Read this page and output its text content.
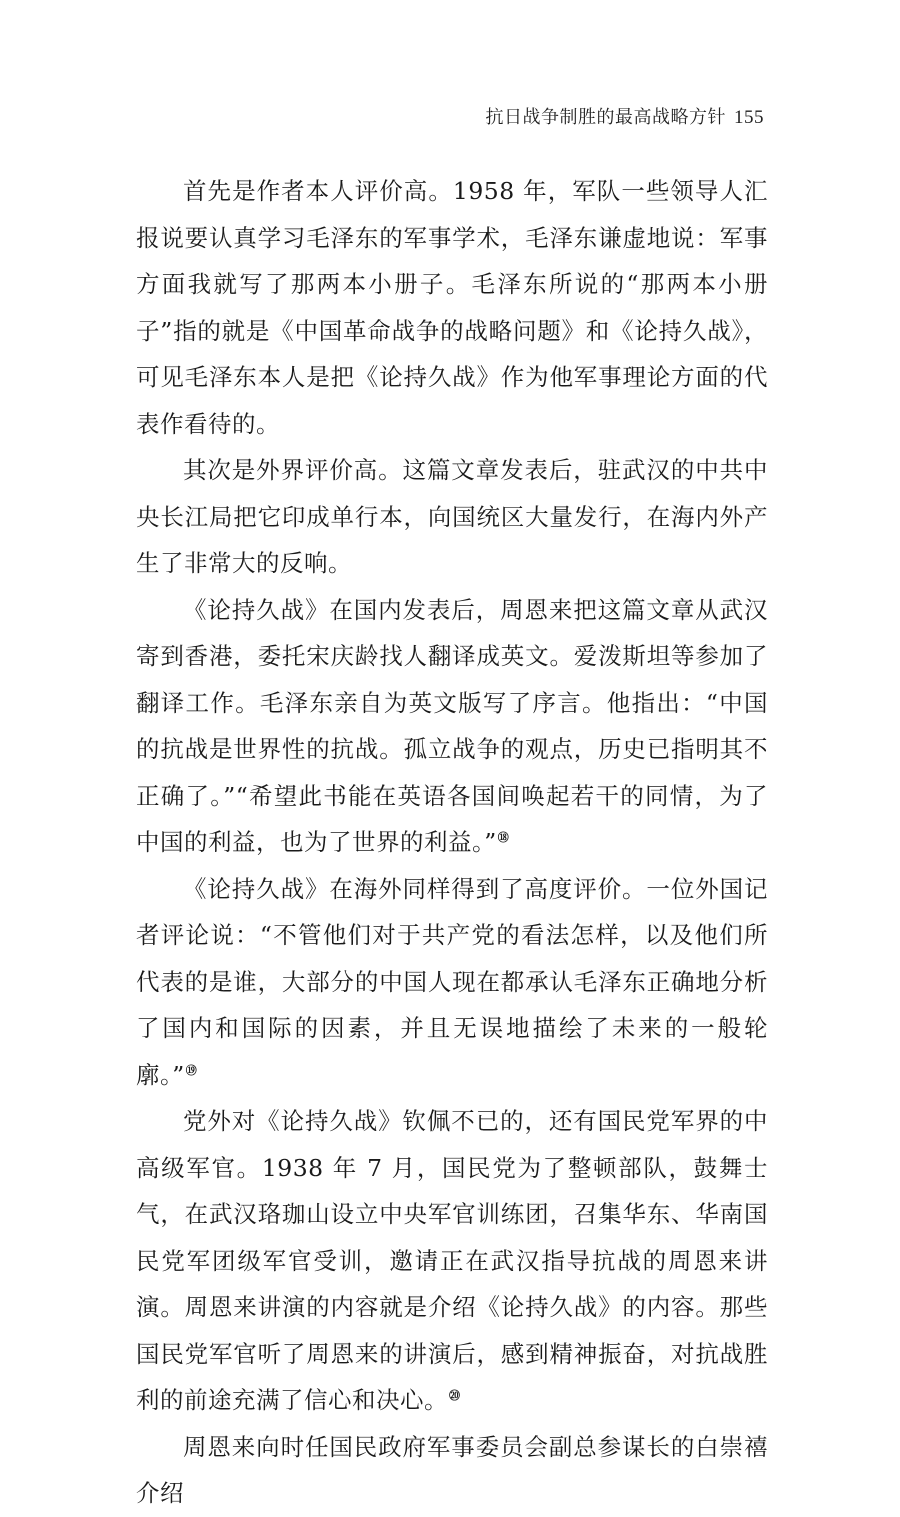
抗日战争制胜的最高战略方针 155

首先是作者本人评价高。1958 年，军队一些领导人汇报说要认真学习毛泽东的军事学术，毛泽东谦虚地说：军事方面我就写了那两本小册子。毛泽东所说的“那两本小册子”指的就是《中国革命战争的战略问题》和《论持久战》，可见毛泽东本人是把《论持久战》作为他军事理论方面的代表作看待的。

其次是外界评价高。这篇文章发表后，驻武汉的中共中央长江局把它印成单行本，向国统区大量发行，在海内外产生了非常大的反响。

《论持久战》在国内发表后，周恩来把这篇文章从武汉寄到香港，委托宋庆龄找人翻译成英文。爱泼斯坦等参加了翻译工作。毛泽东亲自为英文版写了序言。他指出：“中国的抗战是世界性的抗战。孤立战争的观点，历史已指明其不正确了。”“希望此书能在英语各国间唤起若干的同情，为了中国的利益，也为了世界的利益。”⑱

《论持久战》在海外同样得到了高度评价。一位外国记者评论说：“不管他们对于共产党的看法怎样，以及他们所代表的是谁，大部分的中国人现在都承认毛泽东正确地分析了国内和国际的因素，并且无误地描绘了未来的一般轮廓。”⑲

党外对《论持久战》钦佩不已的，还有国民党军界的中高级军官。1938 年 7 月，国民党为了整顿部队，鼓舞士气，在武汉珞珈山设立中央军官训练团，召集华东、华南国民党军团级军官受训，邀请正在武汉指导抗战的周恩来讲演。周恩来讲演的内容就是介绍《论持久战》的内容。那些国民党军官听了周恩来的讲演后，感到精神振奋，对抗战胜利的前途充满了信心和决心。⑳

周恩来向时任国民政府军事委员会副总参谋长的白崇禧介绍
